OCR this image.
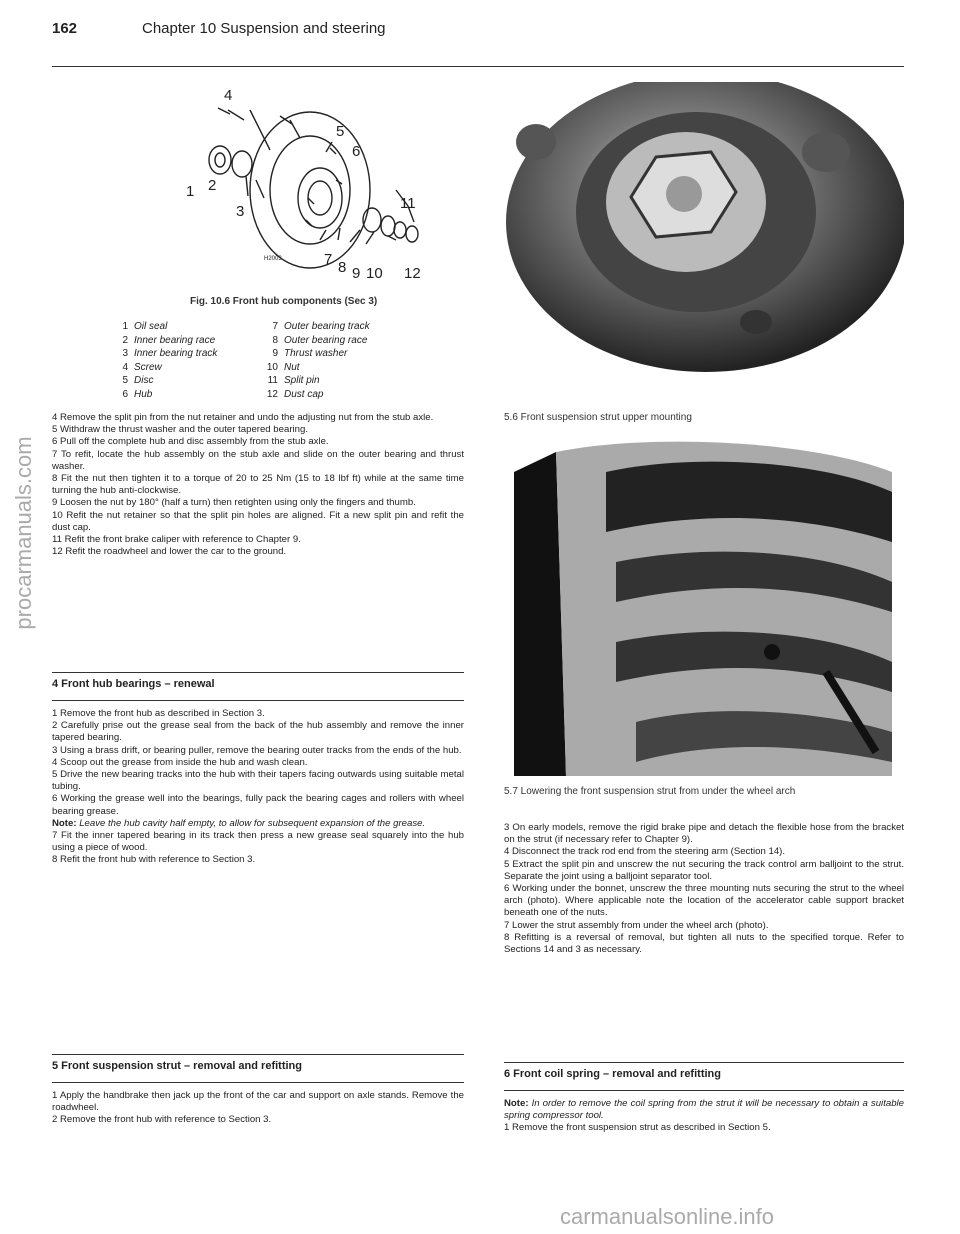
162	Chapter 10 Suspension and steering
procarmanuals.com
carmanualsonline.info
4
1 2
3
5
6
7 8 9 10
11
12
H2003
Fig. 10.6 Front hub components (Sec 3)
1 Oil seal
2 Inner bearing race
3 Inner bearing track
4 Screw
5 Disc
6 Hub
7 Outer bearing track
8 Outer bearing race
9 Thrust washer
10 Nut
11 Split pin
12 Dust cap

4 Remove the split pin from the nut retainer and undo the adjusting nut from the stub axle.

5 Withdraw the thrust washer and the outer tapered bearing.

6 Pull off the complete hub and disc assembly from the stub axle.

7 To refit, locate the hub assembly on the stub axle and slide on the outer bearing and thrust washer.

8 Fit the nut then tighten it to a torque of 20 to 25 Nm (15 to 18 lbf ft) while at the same time turning the hub anti-clockwise.

9 Loosen the nut by 180° (half a turn) then retighten using only the fingers and thumb.

10 Refit the nut retainer so that the split pin holes are aligned. Fit a new split pin and refit the dust cap.

11 Refit the front brake caliper with reference to Chapter 9.

12 Refit the roadwheel and lower the car to the ground.

4 Front hub bearings – renewal

1 Remove the front hub as described in Section 3.

2 Carefully prise out the grease seal from the back of the hub assembly and remove the inner tapered bearing.

3 Using a brass drift, or bearing puller, remove the bearing outer tracks from the ends of the hub.

4 Scoop out the grease from inside the hub and wash clean.

5 Drive the new bearing tracks into the hub with their tapers facing outwards using suitable metal tubing.

6 Working the grease well into the bearings, fully pack the bearing cages and rollers with wheel bearing grease.

Note: Leave the hub cavity half empty, to allow for subsequent expansion of the grease.

7 Fit the inner tapered bearing in its track then press a new grease seal squarely into the hub using a piece of wood.

8 Refit the front hub with reference to Section 3.

5 Front suspension strut – removal and refitting

1 Apply the handbrake then jack up the front of the car and support on axle stands. Remove the roadwheel.

2 Remove the front hub with reference to Section 3.

5.6 Front suspension strut upper mounting
5.7 Lowering the front suspension strut from under the wheel arch

3 On early models, remove the rigid brake pipe and detach the flexible hose from the bracket on the strut (if necessary refer to Chapter 9).

4 Disconnect the track rod end from the steering arm (Section 14).

5 Extract the split pin and unscrew the nut securing the track control arm balljoint to the strut. Separate the joint using a balljoint separator tool.

6 Working under the bonnet, unscrew the three mounting nuts securing the strut to the wheel arch (photo). Where applicable note the location of the accelerator cable support bracket beneath one of the nuts.

7 Lower the strut assembly from under the wheel arch (photo).

8 Refitting is a reversal of removal, but tighten all nuts to the specified torque. Refer to Sections 14 and 3 as necessary.

6 Front coil spring – removal and refitting

Note: In order to remove the coil spring from the strut it will be necessary to obtain a suitable spring compressor tool.

1 Remove the front suspension strut as described in Section 5.
